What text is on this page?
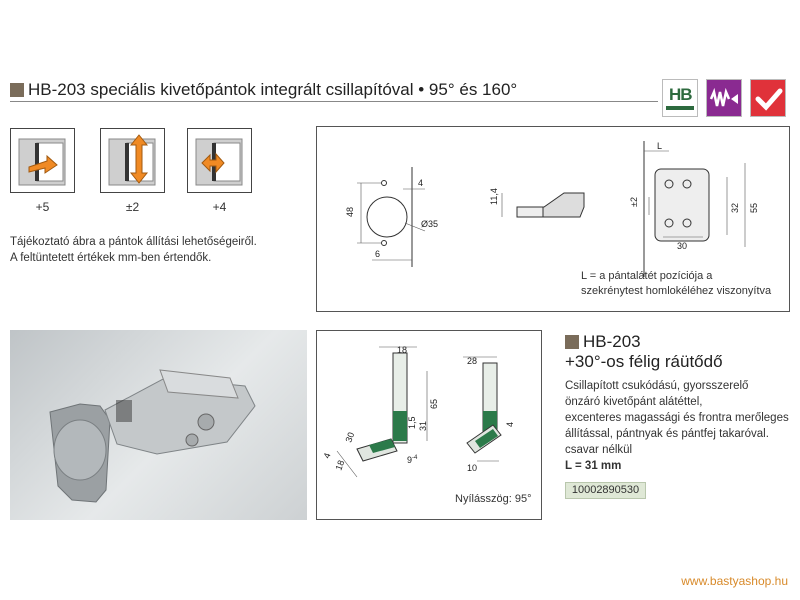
HB-203 speciális kivetőpántok integrált csillapítóval • 95° és 160°	HB
+5	±2	+4
Tájékoztató ábra a pántok állítási lehetőségeiről.
A feltüntetett értékek mm-ben értendők.
48
4
6
Ø35
11,4
L
±2
32 55
30
L = a pántalátét pozíciója a
szekrénytest homlokéléhez viszonyítva
18
65
1,5 31
30
4
18	$9^{-4}$
28
4
10
Nyílásszög: 95°
HB-203
+30°-os félig ráütődő
Csillapított csukódású, gyorsszerelő
önzáró kivetőpánt alátéttel,
excenteres magassági és frontra merőleges
állítással, pántnyak és pántfej takaróval.
csavar nélkül
L = 31 mm
10002890530
www.bastyashop.hu
